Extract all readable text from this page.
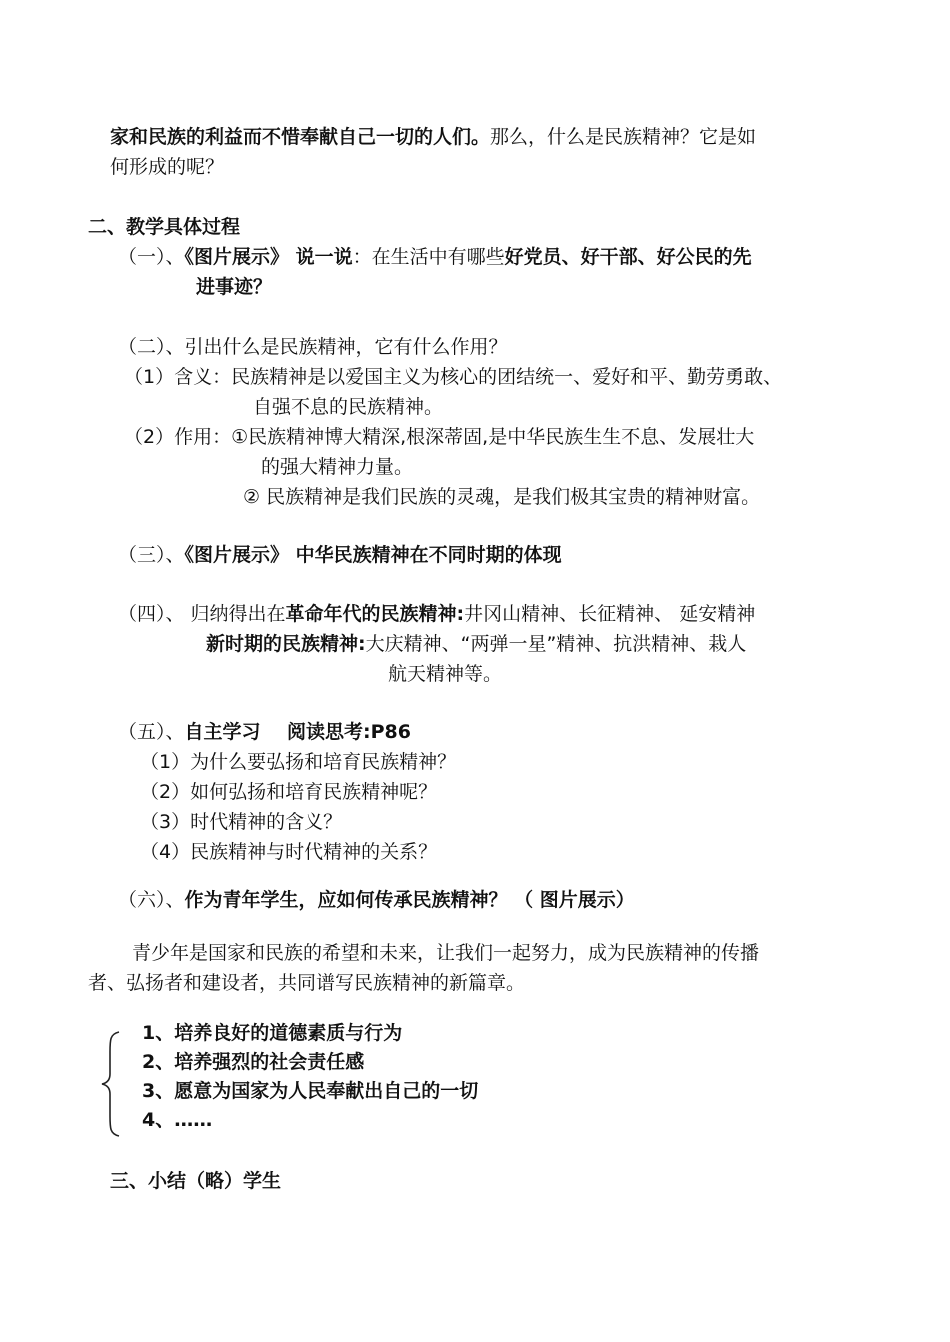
家和民族的利益而不惜奉献自己一切的人们。那么，什么是民族精神？它是如
何形成的呢？
二、教学具体过程
（一）、《图片展示》 说一说：在生活中有哪些好党员、好干部、好公民的先
进事迹？
（二）、引出什么是民族精神，它有什么作用？
（1）含义：民族精神是以爱国主义为核心的团结统一、爱好和平、勤劳勇敢、
自强不息的民族精神。
（2）作用：①民族精神博大精深,根深蒂固,是中华民族生生不息、发展壮大
的强大精神力量。
② 民族精神是我们民族的灵魂，是我们极其宝贵的精神财富。
（三）、《图片展示》 中华民族精神在不同时期的体现
（四）、 归纳得出在革命年代的民族精神:井冈山精神、长征精神、 延安精神
新时期的民族精神:大庆精神、“两弹一星”精神、抗洪精神、栽人
航天精神等。
（五）、自主学习    阅读思考:P86
（1）为什么要弘扬和培育民族精神？
（2）如何弘扬和培育民族精神呢？
（3）时代精神的含义？
（4）民族精神与时代精神的关系？
（六）、作为青年学生，应如何传承民族精神？ （ 图片展示）
青少年是国家和民族的希望和未来，让我们一起努力，成为民族精神的传播
者、弘扬者和建设者，共同谱写民族精神的新篇章。
1、培养良好的道德素质与行为
2、培养强烈的社会责任感
3、愿意为国家为人民奉献出自己的一切
4、……
三、小结（略）学生
